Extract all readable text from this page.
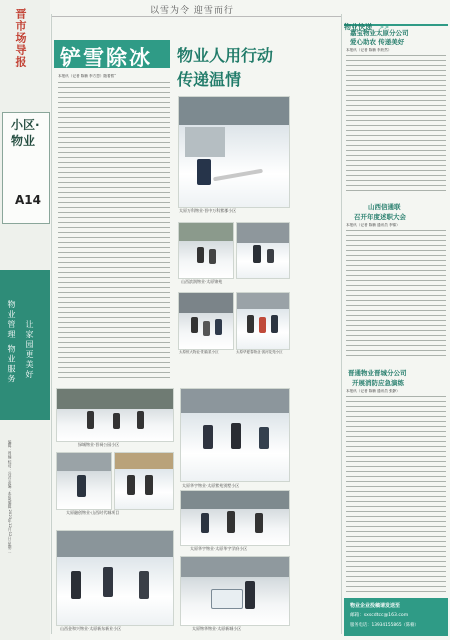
晋市场导报
小区·物业
A14
物业管理 物业服务 让家园更美好
编辑：周楠 校对：冯君 责编：本报/编辑 2023年12月12日 星期二
以雪为令 迎雪而行
铲雪除冰 物业人用行动
传递温情
本报讯（记者 陈楠 李方思）随着暂“
太原万科物业·晋中万科紫郡小区
山西滨润物业·太原锦苑
太原恒大物业·阳曲星小区	太原华夏春物业·滨河花苑小区
绿城物业·晋祠公园小区
太原华宇物业·太原紫苑别墅小区
太原融创物业·山西时代城项目
太原华宇物业·太原华宇学府小区
山西金和兴物业·太原新东新业小区	太原物华物业·太原新城小区
物业快递 >>
嘉宝物业太原分公司
爱心助农 传递美好
本报讯（记者 陈楠 李欣然）
山西信通联
召开年度述职大会
本报讯（记者 陈楠 通讯员 李锦）
晋通物业晋城分公司
开展消防应急演练
本报讯（记者 陈楠 通讯员 张静）
物业企业投稿请发送至
邮箱：sxscdtcc@163.com
服务电话：13934155865（陈楠）
